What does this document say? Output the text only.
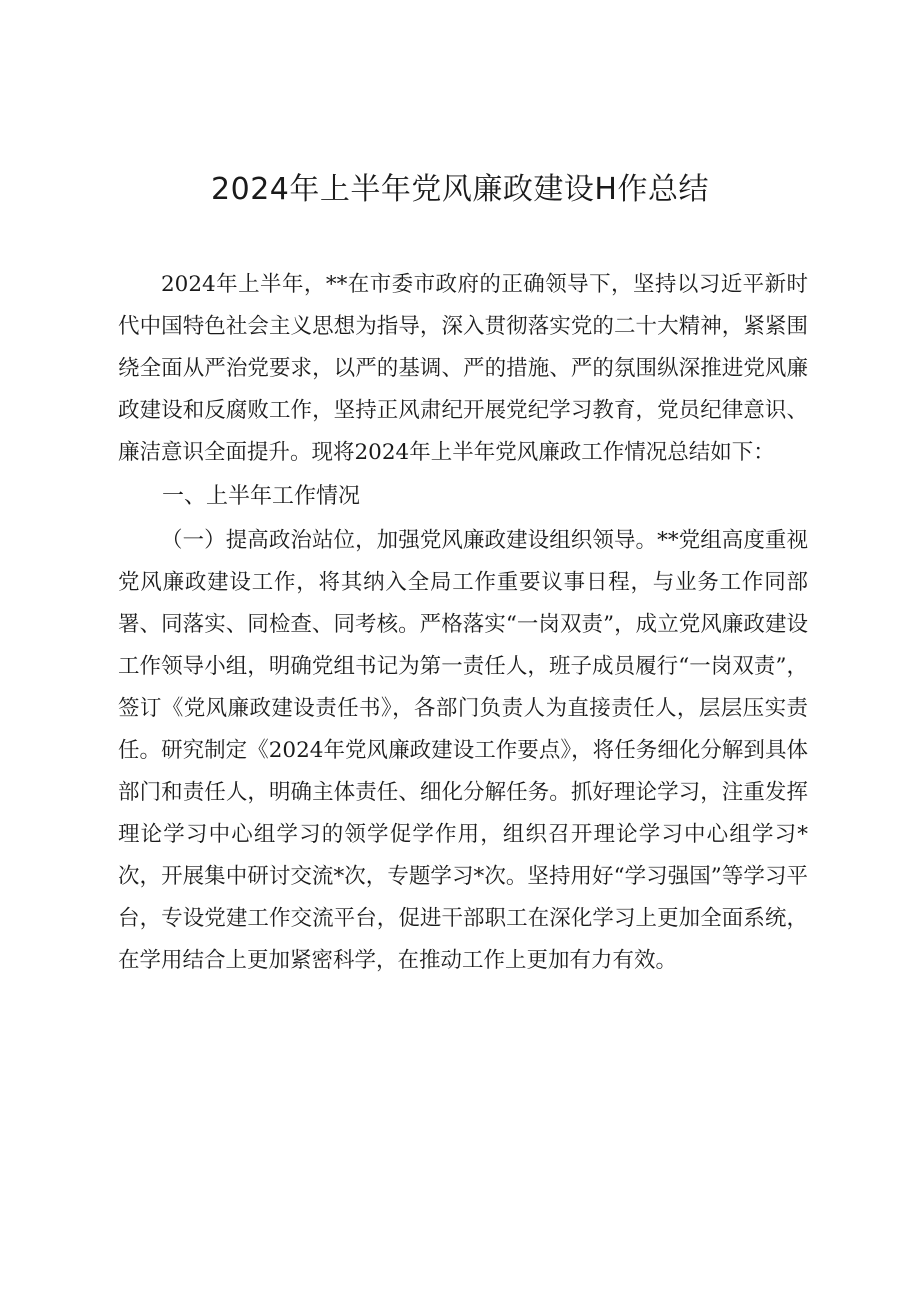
2024年上半年党风廉政建设H作总结

2024年上半年，**在市委市政府的正确领导下，坚持以习近平新时代中国特色社会主义思想为指导，深入贯彻落实党的二十大精神，紧紧围绕全面从严治党要求，以严的基调、严的措施、严的氛围纵深推进党风廉政建设和反腐败工作，坚持正风肃纪开展党纪学习教育，党员纪律意识、廉洁意识全面提升。现将2024年上半年党风廉政工作情况总结如下：

一、上半年工作情况

（一）提高政治站位，加强党风廉政建设组织领导。**党组高度重视党风廉政建设工作，将其纳入全局工作重要议事日程，与业务工作同部署、同落实、同检查、同考核。严格落实“一岗双责”，成立党风廉政建设工作领导小组，明确党组书记为第一责任人，班子成员履行“一岗双责”，签订《党风廉政建设责任书》，各部门负责人为直接责任人，层层压实责任。研究制定《2024年党风廉政建设工作要点》，将任务细化分解到具体部门和责任人，明确主体责任、细化分解任务。抓好理论学习，注重发挥理论学习中心组学习的领学促学作用，组织召开理论学习中心组学习*次，开展集中研讨交流*次，专题学习*次。坚持用好“学习强国”等学习平台，专设党建工作交流平台，促进干部职工在深化学习上更加全面系统，在学用结合上更加紧密科学，在推动工作上更加有力有效。
